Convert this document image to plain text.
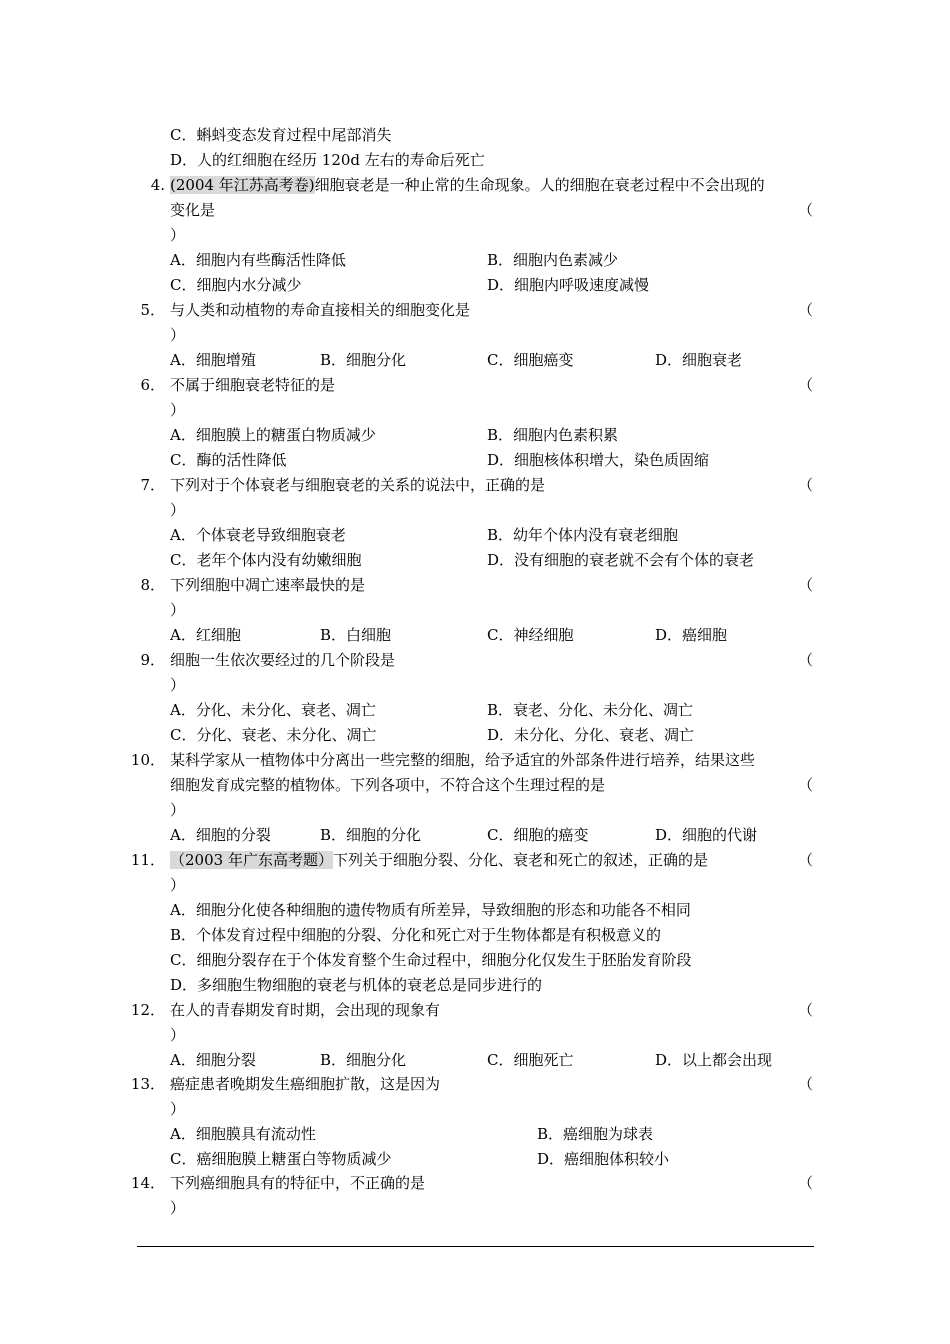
C．蝌蚪变态发育过程中尾部消失
D．人的红细胞在经历 120d 左右的寿命后死亡
4. (2004 年江苏高考卷)细胞衰老是一种止常的生命现象。人的细胞在衰老过程中不会出现的
变化是	（
）
A．细胞内有些酶活性降低	B．细胞内色素减少
C．细胞内水分减少	D．细胞内呼吸速度减慢
5． 与人类和动植物的寿命直接相关的细胞变化是	（
）
A．细胞增殖	B．细胞分化	C．细胞癌变	D．细胞衰老
6． 不属于细胞衰老特征的是	（
）
A．细胞膜上的糖蛋白物质减少	B．细胞内色素积累
C．酶的活性降低	D．细胞核体积增大，染色质固缩
7． 下列对于个体衰老与细胞衰老的关系的说法中，正确的是	（
）
A．个体衰老导致细胞衰老	B．幼年个体内没有衰老细胞
C．老年个体内没有幼嫩细胞	D．没有细胞的衰老就不会有个体的衰老
8． 下列细胞中凋亡速率最快的是	（
）
A．红细胞	B．白细胞	C．神经细胞	D．癌细胞
9． 细胞一生依次要经过的几个阶段是	（
）
A．分化、未分化、衰老、凋亡	B．衰老、分化、未分化、凋亡
C．分化、衰老、未分化、凋亡	D．未分化、分化、衰老、凋亡
10． 某科学家从一植物体中分离出一些完整的细胞，给予适宜的外部条件进行培养，结果这些
细胞发育成完整的植物体。下列各项中，不符合这个生理过程的是	（
）
A．细胞的分裂	B．细胞的分化	C．细胞的癌变	D．细胞的代谢
11． （2003 年广东高考题）下列关于细胞分裂、分化、衰老和死亡的叙述，正确的是	（
）
A．细胞分化使各种细胞的遗传物质有所差异，导致细胞的形态和功能各不相同
B．个体发育过程中细胞的分裂、分化和死亡对于生物体都是有积极意义的
C．细胞分裂存在于个体发育整个生命过程中，细胞分化仅发生于胚胎发育阶段
D．多细胞生物细胞的衰老与机体的衰老总是同步进行的
12． 在人的青春期发育时期，会出现的现象有	（
）
A．细胞分裂	B．细胞分化	C．细胞死亡	D．以上都会出现
13． 癌症患者晚期发生癌细胞扩散，这是因为	（
）
A．细胞膜具有流动性	B．癌细胞为球表
C．癌细胞膜上糖蛋白等物质减少	D．癌细胞体积较小
14． 下列癌细胞具有的特征中，不正确的是	（
）
